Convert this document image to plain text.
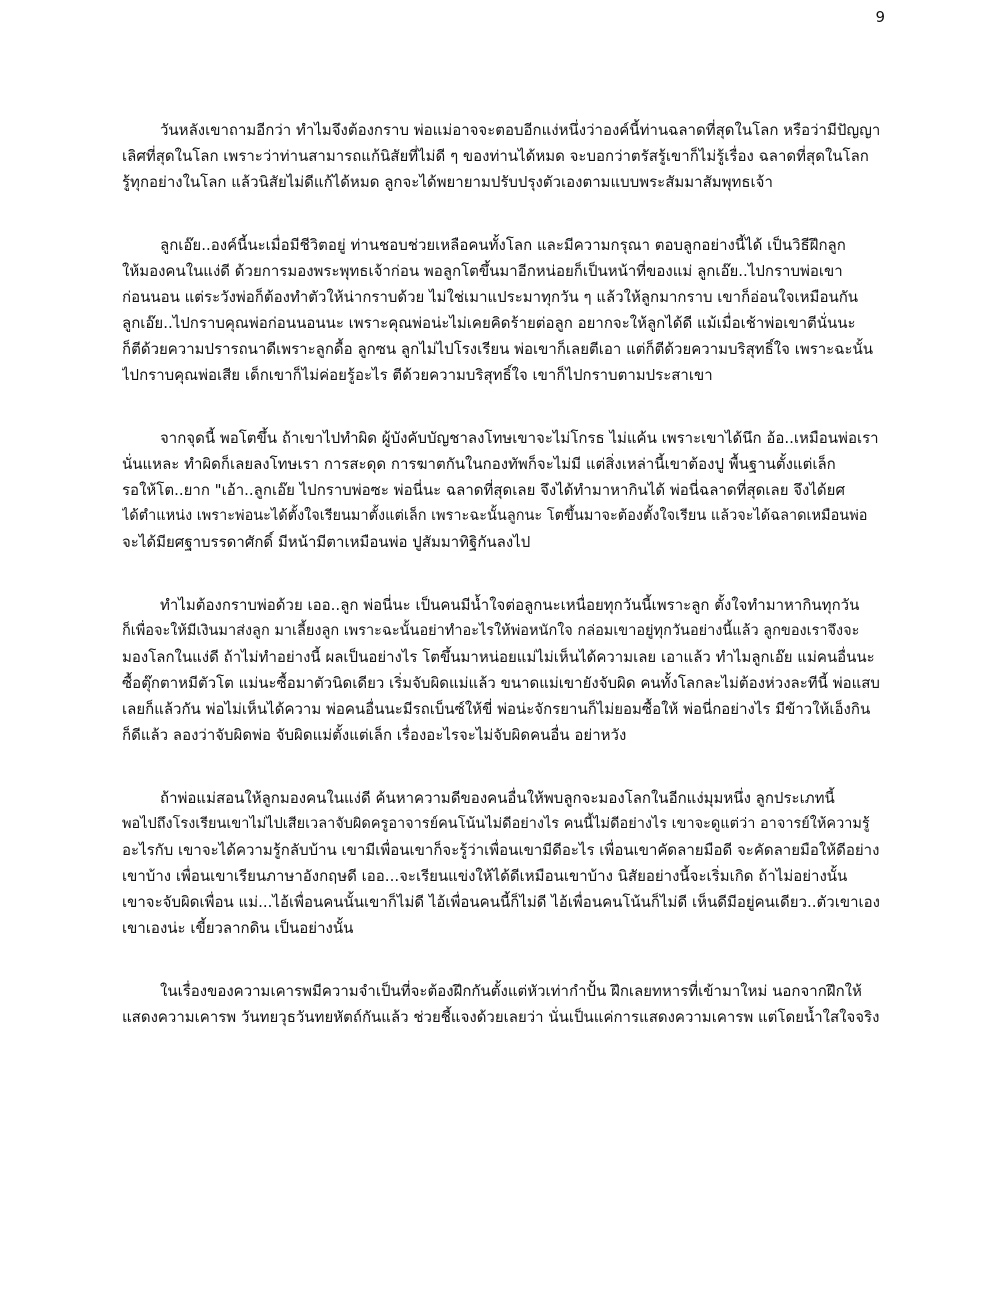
9
วันหลังเขาถามอีกว่า ทำไมจึงต้องกราบ พ่อแม่อาจจะตอบอีกแง่หนึ่งว่าองค์นี้ท่านฉลาดที่สุดในโลก หรือว่ามีปัญญา
เลิศที่สุดในโลก เพราะว่าท่านสามารถแก้นิสัยที่ไม่ดี ๆ ของท่านได้หมด จะบอกว่าตรัสรู้เขาก็ไม่รู้เรื่อง ฉลาดที่สุดในโลก
รู้ทุกอย่างในโลก แล้วนิสัยไม่ดีแก้ได้หมด ลูกจะได้พยายามปรับปรุงตัวเองตามแบบพระสัมมาสัมพุทธเจ้า
ลูกเอ๊ย..องค์นี้นะเมื่อมีชีวิตอยู่ ท่านชอบช่วยเหลือคนทั้งโลก และมีความกรุณา ตอบลูกอย่างนี้ได้ เป็นวิธีฝึกลูก
ให้มองคนในแง่ดี ด้วยการมองพระพุทธเจ้าก่อน พอลูกโตขึ้นมาอีกหน่อยก็เป็นหน้าที่ของแม่ ลูกเอ๊ย..ไปกราบพ่อเขา
ก่อนนอน แต่ระวังพ่อก็ต้องทำตัวให้น่ากราบด้วย ไม่ใช่เมาแประมาทุกวัน ๆ แล้วให้ลูกมากราบ เขาก็อ่อนใจเหมือนกัน
ลูกเอ๊ย..ไปกราบคุณพ่อก่อนนอนนะ เพราะคุณพ่อน่ะไม่เคยคิดร้ายต่อลูก อยากจะให้ลูกได้ดี แม้เมื่อเช้าพ่อเขาตีนั่นนะ
ก็ตีด้วยความปรารถนาดีเพราะลูกดื้อ ลูกซน ลูกไม่ไปโรงเรียน พ่อเขาก็เลยตีเอา แต่ก็ตีด้วยความบริสุทธิ์ใจ เพราะฉะนั้น
ไปกราบคุณพ่อเสีย เด็กเขาก็ไม่ค่อยรู้อะไร ตีด้วยความบริสุทธิ์ใจ เขาก็ไปกราบตามประสาเขา
จากจุดนี้ พอโตขึ้น ถ้าเขาไปทำผิด ผู้บังคับบัญชาลงโทษเขาจะไม่โกรธ ไม่แค้น เพราะเขาได้นึก อ้อ..เหมือนพ่อเรา
นั่นแหละ ทำผิดก็เลยลงโทษเรา การสะดุด การฆาตกันในกองทัพก็จะไม่มี แต่สิ่งเหล่านี้เขาต้องปู พื้นฐานตั้งแต่เล็ก
รอให้โต..ยาก "เอ้า..ลูกเอ๊ย ไปกราบพ่อซะ พ่อนี่นะ ฉลาดที่สุดเลย จึงได้ทำมาหากินได้ พ่อนี่ฉลาดที่สุดเลย จึงได้ยศ
ได้ตำแหน่ง เพราะพ่อนะได้ตั้งใจเรียนมาตั้งแต่เล็ก เพราะฉะนั้นลูกนะ โตขึ้นมาจะต้องตั้งใจเรียน แล้วจะได้ฉลาดเหมือนพ่อ
จะได้มียศฐาบรรดาศักดิ์ มีหน้ามีตาเหมือนพ่อ ปูสัมมาทิฐิกันลงไป
ทำไมต้องกราบพ่อด้วย เออ..ลูก พ่อนี่นะ เป็นคนมีน้ำใจต่อลูกนะเหนื่อยทุกวันนี้เพราะลูก ตั้งใจทำมาหากินทุกวัน
ก็เพื่อจะให้มีเงินมาส่งลูก มาเลี้ยงลูก เพราะฉะนั้นอย่าทำอะไรให้พ่อหนักใจ กล่อมเขาอยู่ทุกวันอย่างนี้แล้ว ลูกของเราจึงจะ
มองโลกในแง่ดี ถ้าไม่ทำอย่างนี้ ผลเป็นอย่างไร โตขึ้นมาหน่อยแม่ไม่เห็นได้ความเลย เอาแล้ว ทำไมลูกเอ๊ย แม่คนอื่นนะ
ซื้อตุ๊กตาหมีตัวโต แม่นะซื้อมาตัวนิดเดียว เริ่มจับผิดแม่แล้ว ขนาดแม่เขายังจับผิด คนทั้งโลกละไม่ต้องห่วงละทีนี้ พ่อแสบ
เลยก็แล้วกัน พ่อไม่เห็นได้ความ พ่อคนอื่นนะมีรถเบ็นซ์ให้ขี่ พ่อน่ะจักรยานก็ไม่ยอมซื้อให้ พ่อนี่กอย่างไร มีข้าวให้เอ็งกิน
ก็ดีแล้ว ลองว่าจับผิดพ่อ จับผิดแม่ตั้งแต่เล็ก เรื่องอะไรจะไม่จับผิดคนอื่น อย่าหวัง
ถ้าพ่อแม่สอนให้ลูกมองคนในแง่ดี ค้นหาความดีของคนอื่นให้พบลูกจะมองโลกในอีกแง่มุมหนึ่ง ลูกประเภทนี้
พอไปถึงโรงเรียนเขาไม่ไปเสียเวลาจับผิดครูอาจารย์คนโน้นไม่ดีอย่างไร คนนี้ไม่ดีอย่างไร เขาจะดูแต่ว่า อาจารย์ให้ความรู้
อะไรกับ เขาจะได้ความรู้กลับบ้าน เขามีเพื่อนเขาก็จะรู้ว่าเพื่อนเขามีดีอะไร เพื่อนเขาคัดลายมือดี จะคัดลายมือให้ดีอย่าง
เขาบ้าง เพื่อนเขาเรียนภาษาอังกฤษดี เออ...จะเรียนแข่งให้ได้ดีเหมือนเขาบ้าง นิสัยอย่างนี้จะเริ่มเกิด ถ้าไม่อย่างนั้น
เขาจะจับผิดเพื่อน แม่...ไอ้เพื่อนคนนั้นเขาก็ไม่ดี ไอ้เพื่อนคนนี้ก็ไม่ดี ไอ้เพื่อนคนโน้นก็ไม่ดี เห็นดีมีอยู่คนเดียว..ตัวเขาเอง
เขาเองน่ะ เขี้ยวลากดิน เป็นอย่างนั้น
ในเรื่องของความเคารพมีความจำเป็นที่จะต้องฝึกกันตั้งแต่หัวเท่ากำปั้น ฝึกเลยทหารที่เข้ามาใหม่ นอกจากฝึกให้
แสดงความเคารพ วันทยวุธวันทยหัตถ์กันแล้ว ช่วยชี้แจงด้วยเลยว่า นั่นเป็นแค่การแสดงความเคารพ แต่โดยน้ำใสใจจริง
